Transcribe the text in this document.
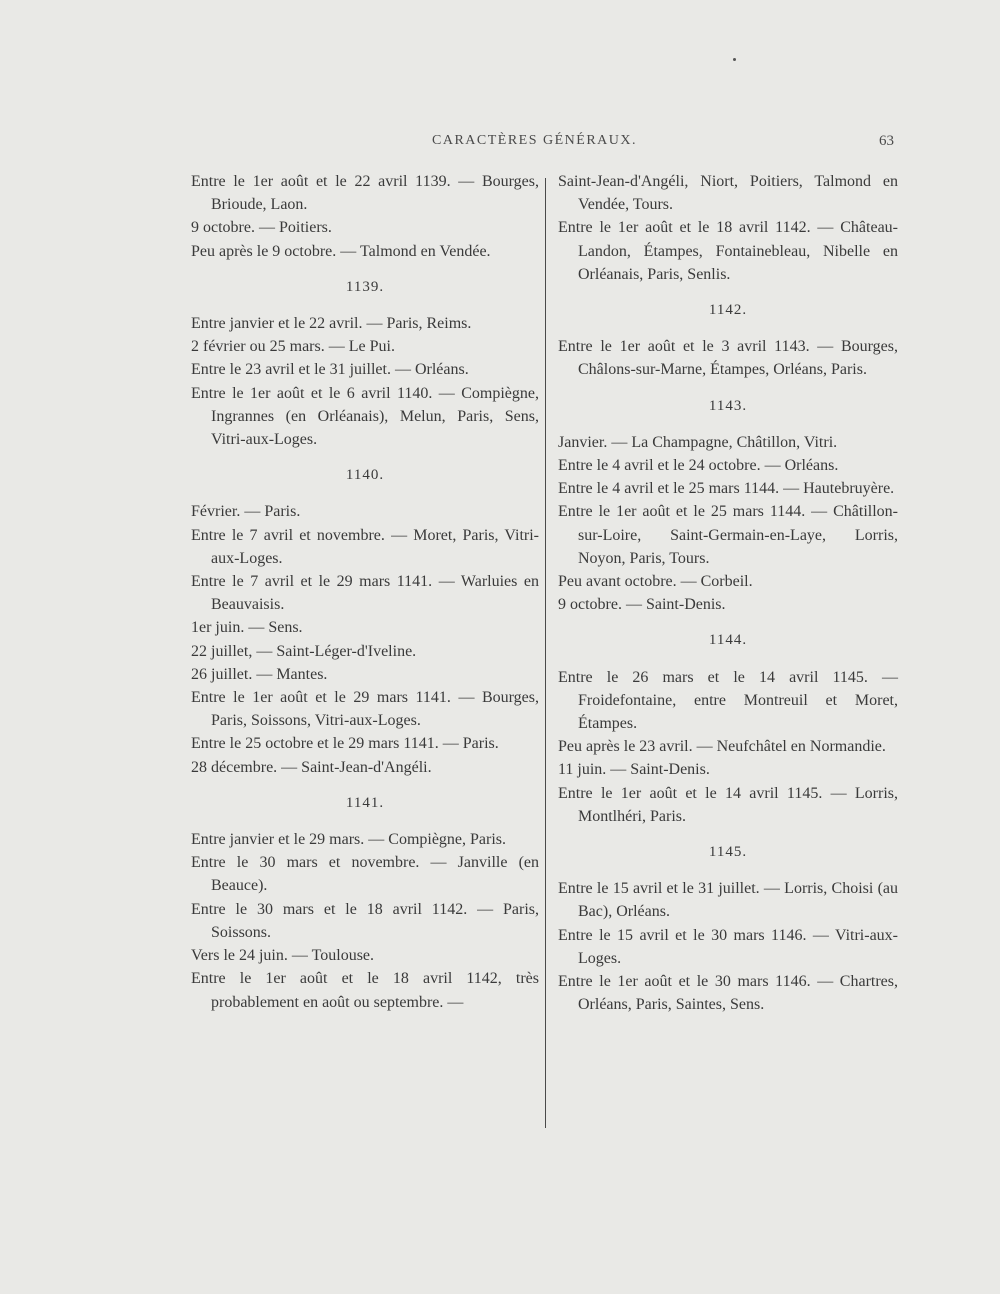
CARACTÈRES GÉNÉRAUX.	63

Entre le 1er août et le 22 avril 1139. — Bourges, Brioude, Laon.

9 octobre. — Poitiers.

Peu après le 9 octobre. — Talmond en Vendée.

1139.

Entre janvier et le 22 avril. — Paris, Reims.

2 février ou 25 mars. — Le Pui.

Entre le 23 avril et le 31 juillet. — Orléans.

Entre le 1er août et le 6 avril 1140. — Compiègne, Ingrannes (en Orléanais), Melun, Paris, Sens, Vitri-aux-Loges.

1140.

Février. — Paris.

Entre le 7 avril et novembre. — Moret, Paris, Vitri-aux-Loges.

Entre le 7 avril et le 29 mars 1141. — Warluies en Beauvaisis.

1er juin. — Sens.

22 juillet, — Saint-Léger-d'Iveline.

26 juillet. — Mantes.

Entre le 1er août et le 29 mars 1141. — Bourges, Paris, Soissons, Vitri-aux-Loges.

Entre le 25 octobre et le 29 mars 1141. — Paris.

28 décembre. — Saint-Jean-d'Angéli.

1141.

Entre janvier et le 29 mars. — Compiègne, Paris.

Entre le 30 mars et novembre. — Janville (en Beauce).

Entre le 30 mars et le 18 avril 1142. — Paris, Soissons.

Vers le 24 juin. — Toulouse.

Entre le 1er août et le 18 avril 1142, très probablement en août ou septembre. —

Saint-Jean-d'Angéli, Niort, Poitiers, Talmond en Vendée, Tours.

Entre le 1er août et le 18 avril 1142. — Château-Landon, Étampes, Fontainebleau, Nibelle en Orléanais, Paris, Senlis.

1142.

Entre le 1er août et le 3 avril 1143. — Bourges, Châlons-sur-Marne, Étampes, Orléans, Paris.

1143.

Janvier. — La Champagne, Châtillon, Vitri.

Entre le 4 avril et le 24 octobre. — Orléans.

Entre le 4 avril et le 25 mars 1144. — Hautebruyère.

Entre le 1er août et le 25 mars 1144. — Châtillon-sur-Loire, Saint-Germain-en-Laye, Lorris, Noyon, Paris, Tours.

Peu avant octobre. — Corbeil.

9 octobre. — Saint-Denis.

1144.

Entre le 26 mars et le 14 avril 1145. — Froidefontaine, entre Montreuil et Moret, Étampes.

Peu après le 23 avril. — Neufchâtel en Normandie.

11 juin. — Saint-Denis.

Entre le 1er août et le 14 avril 1145. — Lorris, Montlhéri, Paris.

1145.

Entre le 15 avril et le 31 juillet. — Lorris, Choisi (au Bac), Orléans.

Entre le 15 avril et le 30 mars 1146. — Vitri-aux-Loges.

Entre le 1er août et le 30 mars 1146. — Chartres, Orléans, Paris, Saintes, Sens.
